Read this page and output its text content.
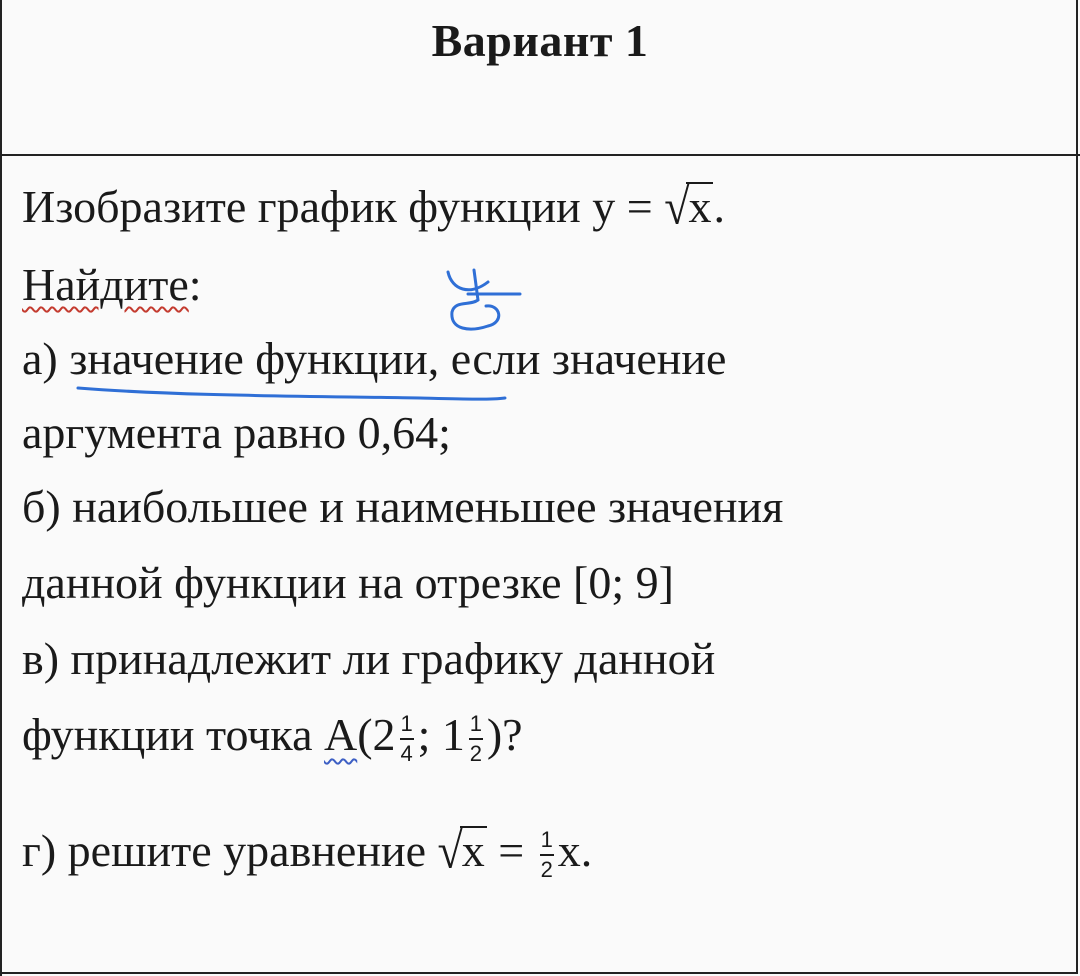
Вариант 1
Изобразите график функции у = √х.
Найдите:
а) значение функции, если значение
аргумента равно 0,64;
б) наибольшее и наименьшее значения
данной функции на отрезке [0; 9]
в) принадлежит ли графику данной
функции точка $А(2 \frac{1}{4}$ ; $1 \frac{1}{2}$ )?
г) решите уравнение $√х = \frac{1}{2} х$.
